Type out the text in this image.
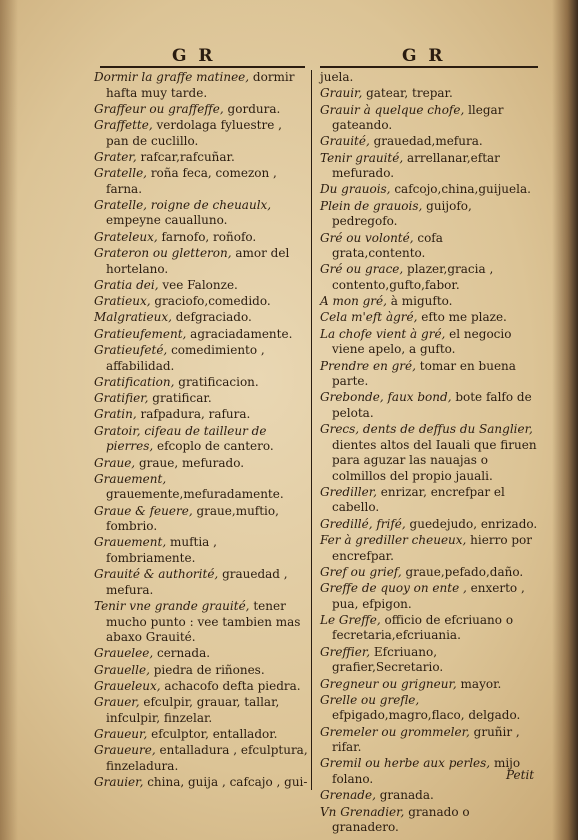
G R	G R
Dormir la graffe matinee, dormir hafta muy tarde.
Graffeur ou graffeffe, gordura.
Graffette, verdolaga fyluestre , pan de cuclillo.
Grater, rafcar,rafcuñar.
Gratelle, roña feca, comezon , farna.
Gratelle, roigne de cheuaulx, empeyne caualluno.
Grateleux, farnofo, roñofo.
Grateron ou gletteron, amor del hortelano.
Gratia dei, vee Falonze.
Gratieux, graciofo,comedido.
Malgratieux, defgraciado.
Gratieufement, agraciadamente.
Gratieufeté, comedimiento , affabilidad.
Gratification, gratificacion.
Gratifier, gratificar.
Gratin, rafpadura, rafura.
Gratoir, cifeau de tailleur de pierres, efcoplo de cantero.
Graue, graue, mefurado.
Grauement, grauemente,mefuradamente.
Graue & feuere, graue,muftio, fombrio.
Grauement, muftia , fombriamente.
Grauité & authorité, grauedad , mefura.
Tenir vne grande grauité, tener mucho punto : vee tambien mas abaxo Grauité.
Grauelee, cernada.
Grauelle, piedra de riñones.
Graueleux, achacofo defta piedra.
Grauer, efculpir, grauar, tallar, infculpir, finzelar.
Graueur, efculptor, entallador.
Graueure, entalladura , efculptura, finzeladura.
Grauier, china, guija , cafcajo , gui-
juela.
Grauir, gatear, trepar.
Grauir à quelque chofe, llegar gateando.
Grauité, grauedad,mefura.
Tenir grauité, arrellanar,eftar mefurado.
Du grauois, cafcojo,china,guijuela.
Plein de grauois, guijofo, pedregofo.
Gré ou volonté, cofa grata,contento.
Gré ou grace, plazer,gracia , contento,gufto,fabor.
A mon gré, à migufto.
Cela m'eft àgré, efto me plaze.
La chofe vient à gré, el negocio viene apelo, a gufto.
Prendre en gré, tomar en buena parte.
Grebonde, faux bond, bote falfo de pelota.
Grecs, dents de deffus du Sanglier, dientes altos del Iauali que firuen para aguzar las nauajas o colmillos del propio jauali.
Grediller, enrizar, encrefpar el cabello.
Gredillé, frifé, guedejudo, enrizado.
Fer à grediller cheueux, hierro por encrefpar.
Gref ou grief, graue,pefado,daño.
Greffe de quoy on ente , enxerto , pua, efpigon.
Le Greffe, officio de efcriuano o fecretaria,efcriuania.
Greffier, Efcriuano, grafier,Secretario.
Gregneur ou grigneur, mayor.
Grelle ou grefle, efpigado,magro,flaco, delgado.
Gremeler ou grommeler, gruñir , rifar.
Gremil ou herbe aux perles, mijo folano.
Grenade, granada.
Vn Grenadier, granado o granadero.
Petit
